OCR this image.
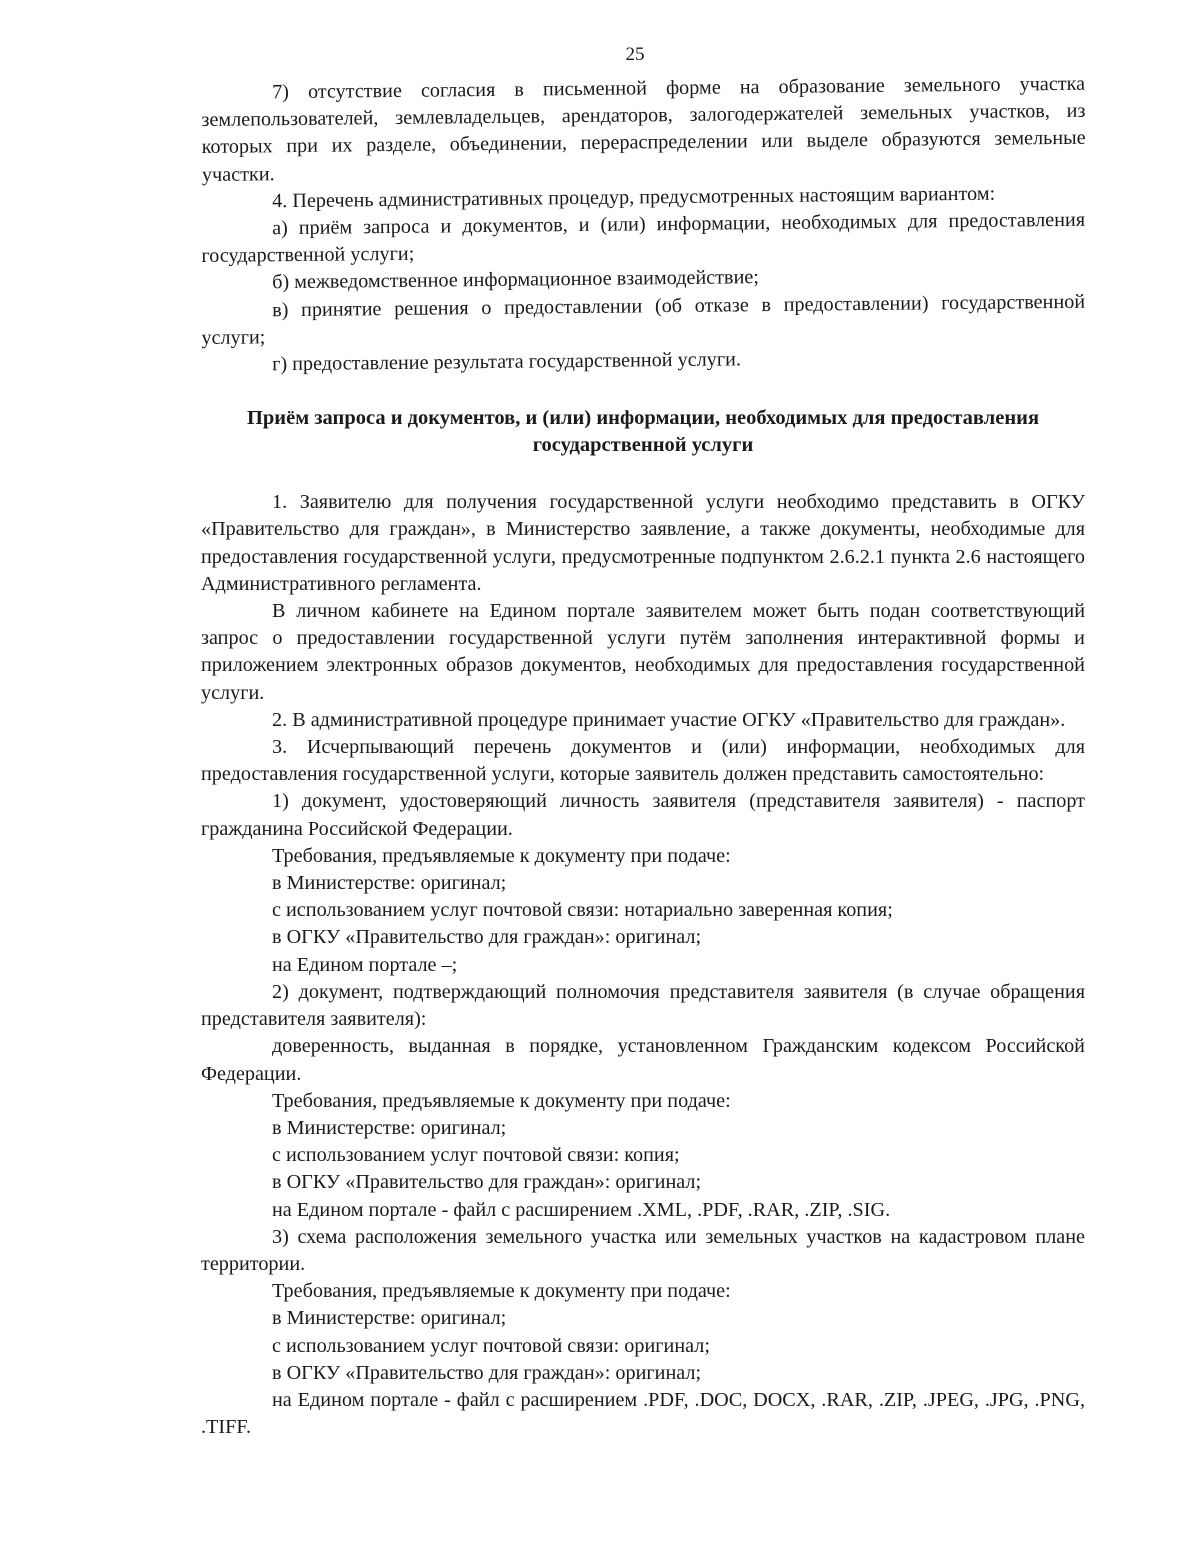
25

7) отсутствие согласия в письменной форме на образование земельного участка землепользователей, землевладельцев, арендаторов, залогодержателей земельных участков, из которых при их разделе, объединении, перераспределении или выделе образуются земельные участки.

4. Перечень административных процедур, предусмотренных настоящим вариантом:

а) приём запроса и документов, и (или) информации, необходимых для предоставления государственной услуги;

б) межведомственное информационное взаимодействие;

в) принятие решения о предоставлении (об отказе в предоставлении) государственной услуги;

г) предоставление результата государственной услуги.

Приём запроса и документов, и (или) информации, необходимых для предоставления
государственной услуги

1. Заявителю для получения государственной услуги необходимо представить в ОГКУ «Правительство для граждан», в Министерство заявление, а также документы, необходимые для предоставления государственной услуги, предусмотренные подпунктом 2.6.2.1 пункта 2.6 настоящего Административного регламента.

В личном кабинете на Едином портале заявителем может быть подан соответствующий запрос о предоставлении государственной услуги путём заполнения интерактивной формы и приложением электронных образов документов, необходимых для предоставления государственной услуги.

2. В административной процедуре принимает участие ОГКУ «Правительство для граждан».

3. Исчерпывающий перечень документов и (или) информации, необходимых для предоставления государственной услуги, которые заявитель должен представить самостоятельно:

1) документ, удостоверяющий личность заявителя (представителя заявителя) - паспорт гражданина Российской Федерации.

Требования, предъявляемые к документу при подаче:

в Министерстве: оригинал;

с использованием услуг почтовой связи: нотариально заверенная копия;

в ОГКУ «Правительство для граждан»: оригинал;

на Едином портале –;

2) документ, подтверждающий полномочия представителя заявителя (в случае обращения представителя заявителя):

доверенность, выданная в порядке, установленном Гражданским кодексом Российской Федерации.

Требования, предъявляемые к документу при подаче:

в Министерстве: оригинал;

с использованием услуг почтовой связи: копия;

в ОГКУ «Правительство для граждан»: оригинал;

на Едином портале - файл с расширением .XML, .PDF, .RAR, .ZIP, .SIG.

3) схема расположения земельного участка или земельных участков на кадастровом плане территории.

Требования, предъявляемые к документу при подаче:

в Министерстве: оригинал;

с использованием услуг почтовой связи: оригинал;

в ОГКУ «Правительство для граждан»: оригинал;

на Едином портале - файл с расширением .PDF, .DOC, DOCX, .RAR, .ZIP, .JPEG, .JPG, .PNG, .TIFF.
